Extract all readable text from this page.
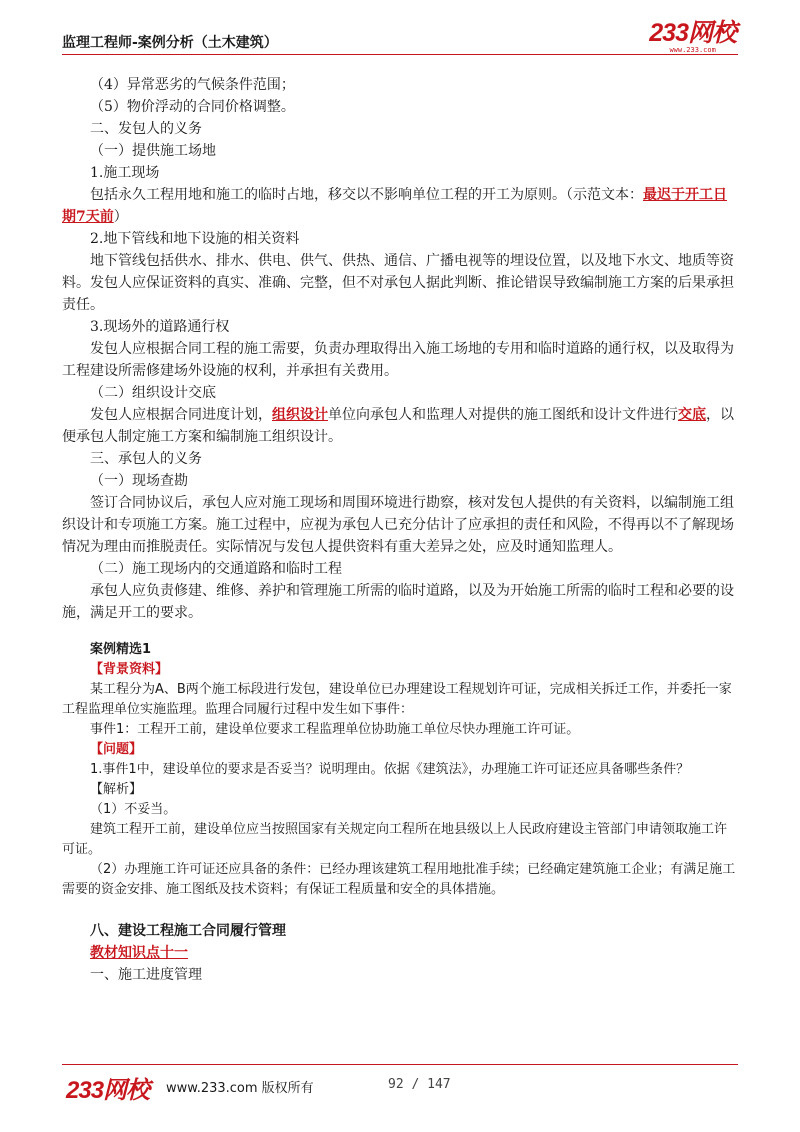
监理工程师-案例分析（土木建筑）	233网校
www.233.com

（4）异常恶劣的气候条件范围；

（5）物价浮动的合同价格调整。

二、发包人的义务

（一）提供施工场地

1.施工现场

包括永久工程用地和施工的临时占地，移交以不影响单位工程的开工为原则。（示范文本：最迟于开工日期7天前）

2.地下管线和地下设施的相关资料

地下管线包括供水、排水、供电、供气、供热、通信、广播电视等的埋设位置，以及地下水文、地质等资料。发包人应保证资料的真实、准确、完整，但不对承包人据此判断、推论错误导致编制施工方案的后果承担责任。

3.现场外的道路通行权

发包人应根据合同工程的施工需要，负责办理取得出入施工场地的专用和临时道路的通行权，以及取得为工程建设所需修建场外设施的权利，并承担有关费用。

（二）组织设计交底

发包人应根据合同进度计划，组织设计单位向承包人和监理人对提供的施工图纸和设计文件进行交底，以便承包人制定施工方案和编制施工组织设计。

三、承包人的义务

（一）现场查勘

签订合同协议后，承包人应对施工现场和周围环境进行勘察，核对发包人提供的有关资料，以编制施工组织设计和专项施工方案。施工过程中，应视为承包人已充分估计了应承担的责任和风险，不得再以不了解现场情况为理由而推脱责任。实际情况与发包人提供资料有重大差异之处，应及时通知监理人。

（二）施工现场内的交通道路和临时工程

承包人应负责修建、维修、养护和管理施工所需的临时道路，以及为开始施工所需的临时工程和必要的设施，满足开工的要求。

案例精选1

【背景资料】

某工程分为A、B两个施工标段进行发包，建设单位已办理建设工程规划许可证，完成相关拆迁工作，并委托一家工程监理单位实施监理。监理合同履行过程中发生如下事件：

事件1：工程开工前，建设单位要求工程监理单位协助施工单位尽快办理施工许可证。

【问题】

1.事件1中，建设单位的要求是否妥当？说明理由。依据《建筑法》，办理施工许可证还应具备哪些条件？

【解析】

（1）不妥当。

建筑工程开工前，建设单位应当按照国家有关规定向工程所在地县级以上人民政府建设主管部门申请领取施工许可证。

（2）办理施工许可证还应具备的条件：已经办理该建筑工程用地批准手续；已经确定建筑施工企业；有满足施工需要的资金安排、施工图纸及技术资料；有保证工程质量和安全的具体措施。

八、建设工程施工合同履行管理

教材知识点十一

一、施工进度管理

233网校 www.233.com 版权所有	92 / 147
